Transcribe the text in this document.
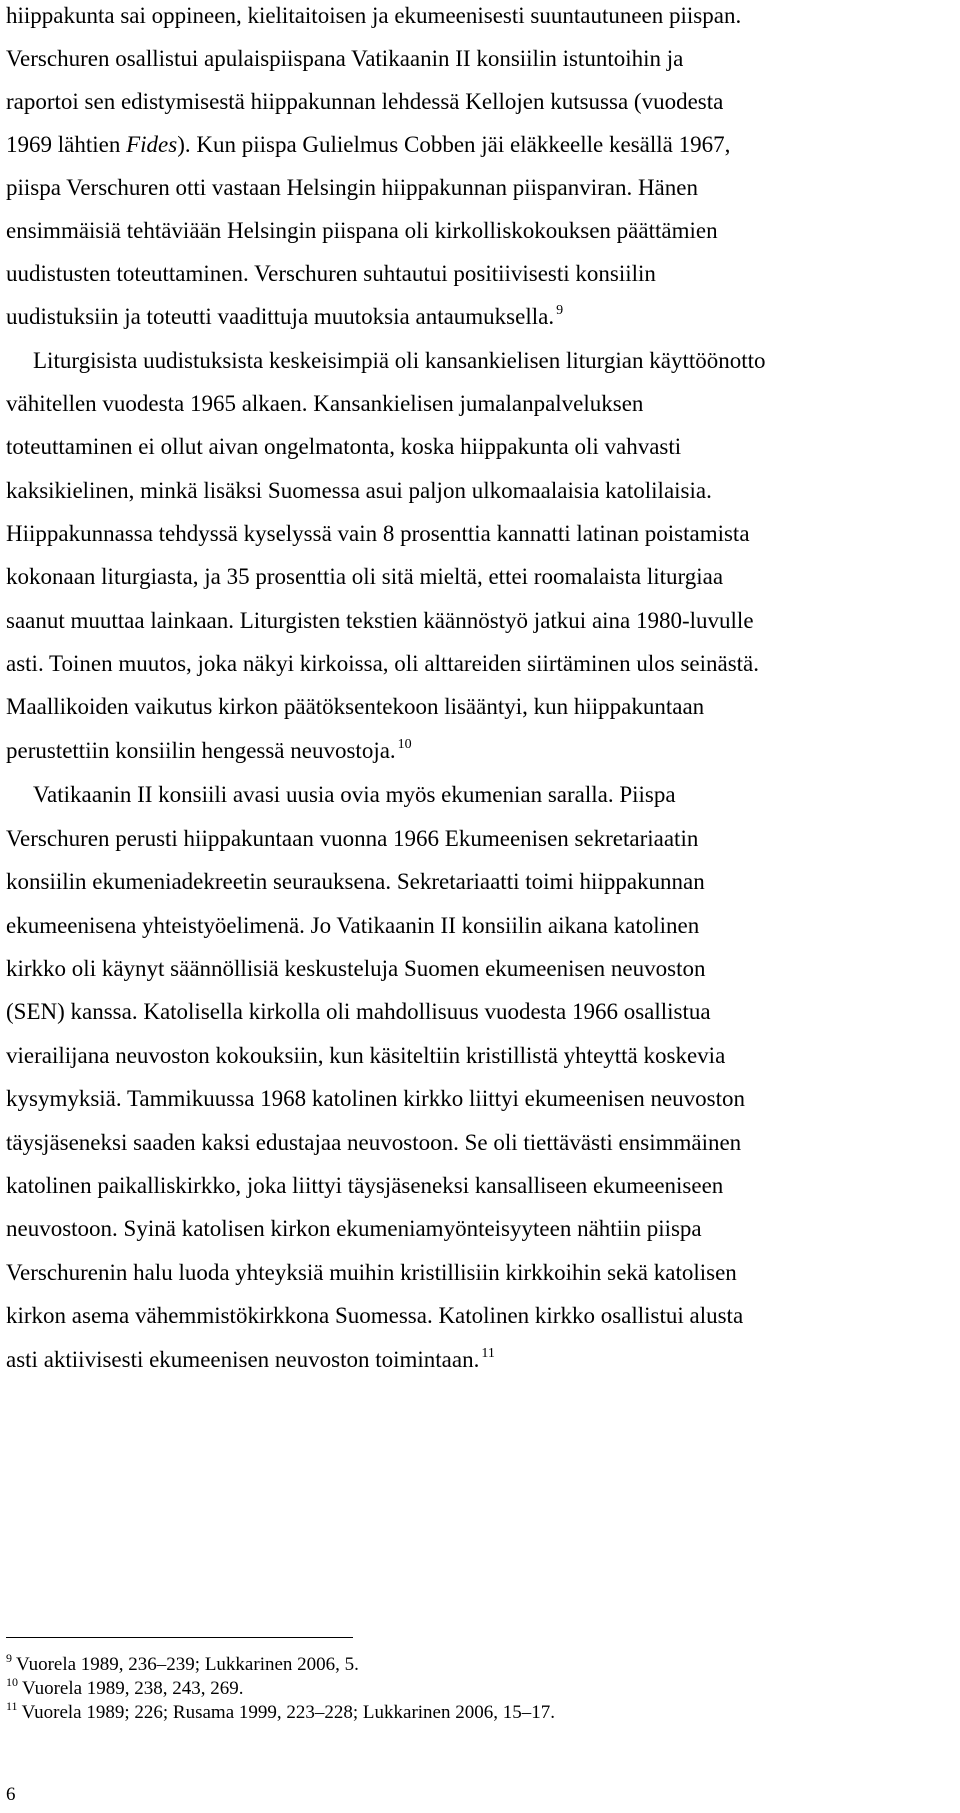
hiippakunta sai oppineen, kielitaitoisen ja ekumeenisesti suuntautuneen piispan.
Verschuren osallistui apulaispiispana Vatikaanin II konsiilin istuntoihin ja
raportoi sen edistymisestä hiippakunnan lehdessä Kellojen kutsussa (vuodesta
1969 lähtien Fides). Kun piispa Gulielmus Cobben jäi eläkkeelle kesällä 1967,
piispa Verschuren otti vastaan Helsingin hiippakunnan piispanviran. Hänen
ensimmäisiä tehtäviään Helsingin piispana oli kirkolliskokouksen päättämien
uudistusten toteuttaminen. Verschuren suhtautui positiivisesti konsiilin
uudistuksiin ja toteutti vaadittuja muutoksia antaumuksella. $^9$
Liturgisista uudistuksista keskeisimpiä oli kansankielisen liturgian käyttöönotto
vähitellen vuodesta 1965 alkaen. Kansankielisen jumalanpalveluksen
toteuttaminen ei ollut aivan ongelmatonta, koska hiippakunta oli vahvasti
kaksikielinen, minkä lisäksi Suomessa asui paljon ulkomaalaisia katolilaisia.
Hiippakunnassa tehdyssä kyselyssä vain 8 prosenttia kannatti latinan poistamista
kokonaan liturgiasta, ja 35 prosenttia oli sitä mieltä, ettei roomalaista liturgiaa
saanut muuttaa lainkaan. Liturgisten tekstien käännöstyö jatkui aina 1980-luvulle
asti. Toinen muutos, joka näkyi kirkoissa, oli alttareiden siirtäminen ulos seinästä.
Maallikoiden vaikutus kirkon päätöksentekoon lisääntyi, kun hiippakuntaan
perustettiin konsiilin hengessä neuvostoja. $^{10}$
Vatikaanin II konsiili avasi uusia ovia myös ekumenian saralla. Piispa
Verschuren perusti hiippakuntaan vuonna 1966 Ekumeenisen sekretariaatin
konsiilin ekumeniadekreetin seurauksena. Sekretariaatti toimi hiippakunnan
ekumeenisena yhteistyöelimenä. Jo Vatikaanin II konsiilin aikana katolinen
kirkko oli käynyt säännöllisiä keskusteluja Suomen ekumeenisen neuvoston
(SEN) kanssa. Katolisella kirkolla oli mahdollisuus vuodesta 1966 osallistua
vierailijana neuvoston kokouksiin, kun käsiteltiin kristillistä yhteyttä koskevia
kysymyksiä. Tammikuussa 1968 katolinen kirkko liittyi ekumeenisen neuvoston
täysjäseneksi saaden kaksi edustajaa neuvostoon. Se oli tiettävästi ensimmäinen
katolinen paikalliskirkko, joka liittyi täysjäseneksi kansalliseen ekumeeniseen
neuvostoon. Syinä katolisen kirkon ekumeniamyönteisyyteen nähtiin piispa
Verschurenin halu luoda yhteyksiä muihin kristillisiin kirkkoihin sekä katolisen
kirkon asema vähemmistökirkkona Suomessa. Katolinen kirkko osallistui alusta
asti aktiivisesti ekumeenisen neuvoston toimintaan. $^{11}$
$^9$ Vuorela 1989, 236–239; Lukkarinen 2006, 5.
$^{10}$ Vuorela 1989, 238, 243, 269.
$^{11}$ Vuorela 1989; 226; Rusama 1999, 223–228; Lukkarinen 2006, 15–17.
6
